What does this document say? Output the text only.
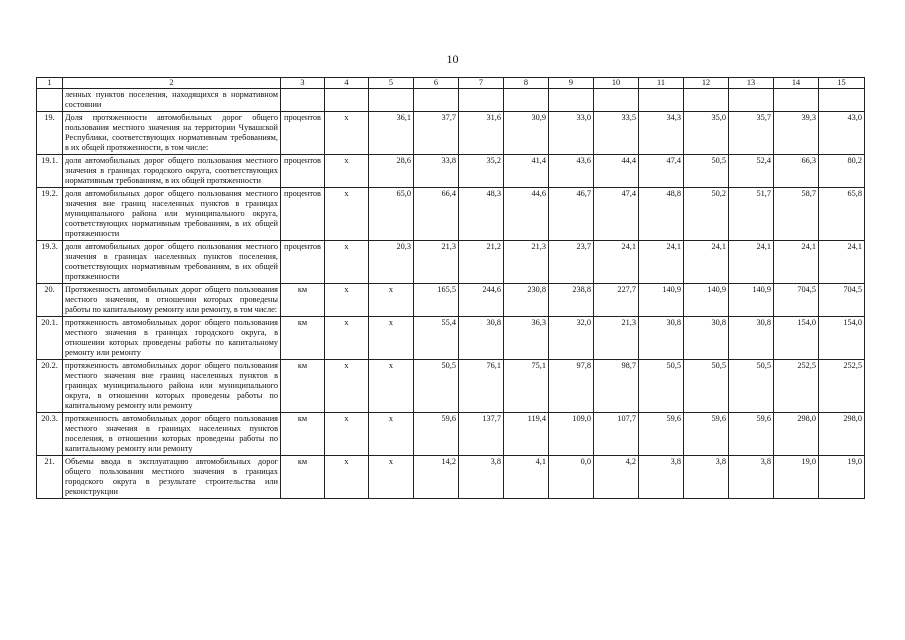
10
1	2	3	4	5	6	7	8	9	10	11	12	13	14	15
	ленных пунктов поселения, находящихся в нормативном состоянии													
19.	Доля протяженности автомобильных дорог общего пользования местного значения на территории Чувашской Республики, соответствующих нормативным требованиям, в их общей протяженности, в том числе:	процентов	х	36,1	37,7	31,6	30,9	33,0	33,5	34,3	35,0	35,7	39,3	43,0
19.1.	доля автомобильных дорог общего пользования местного значения в границах городского округа, соответствующих нормативным требованиям, в их общей протяженности	процентов	х	28,6	33,8	35,2	41,4	43,6	44,4	47,4	50,5	52,4	66,3	80,2
19.2.	доля автомобильных дорог общего пользования местного значения вне границ населенных пунктов в границах муниципального района или муниципального округа, соответствующих нормативным требованиям, в их общей протяженности	процентов	х	65,0	66,4	48,3	44,6	46,7	47,4	48,8	50,2	51,7	58,7	65,8
19.3.	доля автомобильных дорог общего пользования местного значения в границах населенных пунктов поселения, соответствующих нормативным требованиям, в их общей протяженности	процентов	х	20,3	21,3	21,2	21,3	23,7	24,1	24,1	24,1	24,1	24,1	24,1
20.	Протяженность автомобильных дорог общего пользования местного значения, в отношении которых проведены работы по капитальному ремонту или ремонту, в том числе:	км	х	х	165,5	244,6	230,8	238,8	227,7	140,9	140,9	140,9	704,5	704,5
20.1.	протяженность автомобильных дорог общего пользования местного значения в границах городского округа, в отношении которых проведены работы по капитальному ремонту или ремонту	км	х	х	55,4	30,8	36,3	32,0	21,3	30,8	30,8	30,8	154,0	154,0
20.2.	протяженность автомобильных дорог общего пользования местного значения вне границ населенных пунктов в границах муниципального района или муниципального округа, в отношении которых проведены работы по капитальному ремонту или ремонту	км	х	х	50,5	76,1	75,1	97,8	98,7	50,5	50,5	50,5	252,5	252,5
20.3.	протяженность автомобильных дорог общего пользования местного значения в границах населенных пунктов поселения, в отношении которых проведены работы по капитальному ремонту или ремонту	км	х	х	59,6	137,7	119,4	109,0	107,7	59,6	59,6	59,6	298,0	298,0
21.	Объемы ввода в эксплуатацию автомобильных дорог общего пользования местного значения в границах городского округа в результате строительства или реконструкции	км	х	х	14,2	3,8	4,1	0,0	4,2	3,8	3,8	3,8	19,0	19,0
